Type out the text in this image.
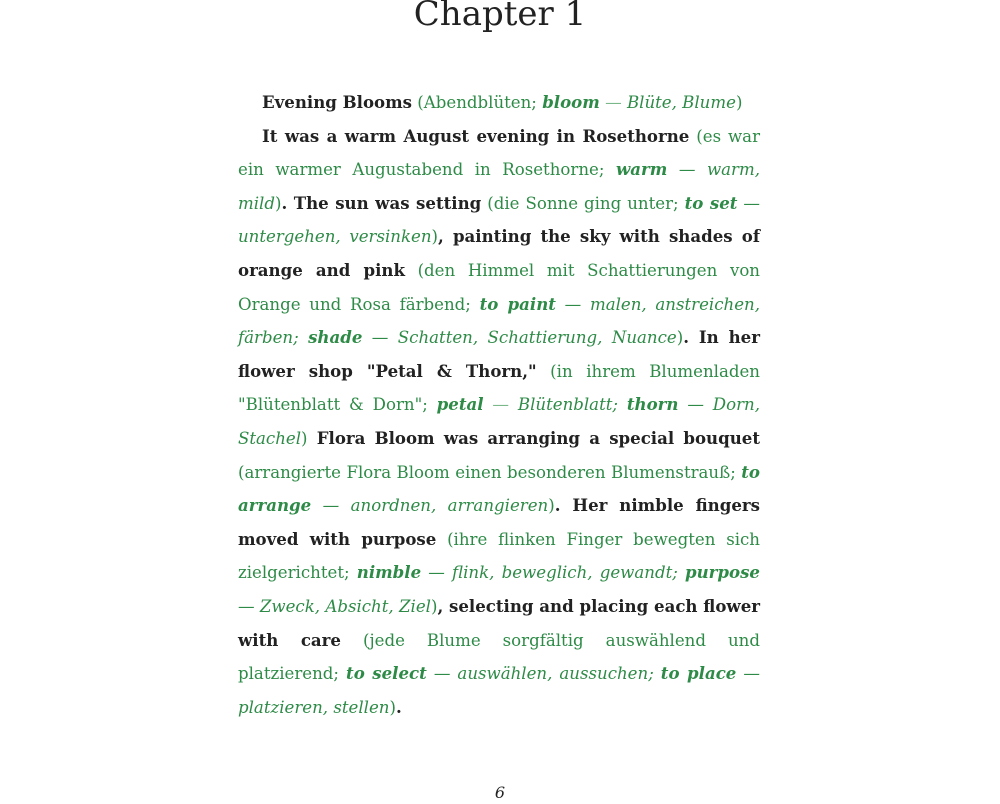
Chapter 1

Evening Blooms (Abendblüten; bloom — Blüte, Blume)

It was a warm August evening in Rosethorne (es war ein warmer Augustabend in Rosethorne; warm — warm, mild). The sun was setting (die Sonne ging unter; to set — untergehen, versinken), painting the sky with shades of orange and pink (den Himmel mit Schattierungen von Orange und Rosa färbend; to paint — malen, anstreichen, färben; shade — Schatten, Schattierung, Nuance). In her flower shop "Petal & Thorn," (in ihrem Blumenladen "Blütenblatt & Dorn"; petal — Blütenblatt; thorn — Dorn, Stachel) Flora Bloom was arranging a special bouquet (arrangierte Flora Bloom einen besonderen Blumenstrauß; to arrange — anordnen, arrangieren). Her nimble fingers moved with purpose (ihre flinken Finger bewegten sich zielgerichtet; nimble — flink, beweglich, gewandt; purpose — Zweck, Absicht, Ziel), selecting and placing each flower with care (jede Blume sorgfältig auswählend und platzierend; to select — auswählen, aussuchen; to place — platzieren, stellen).

6
